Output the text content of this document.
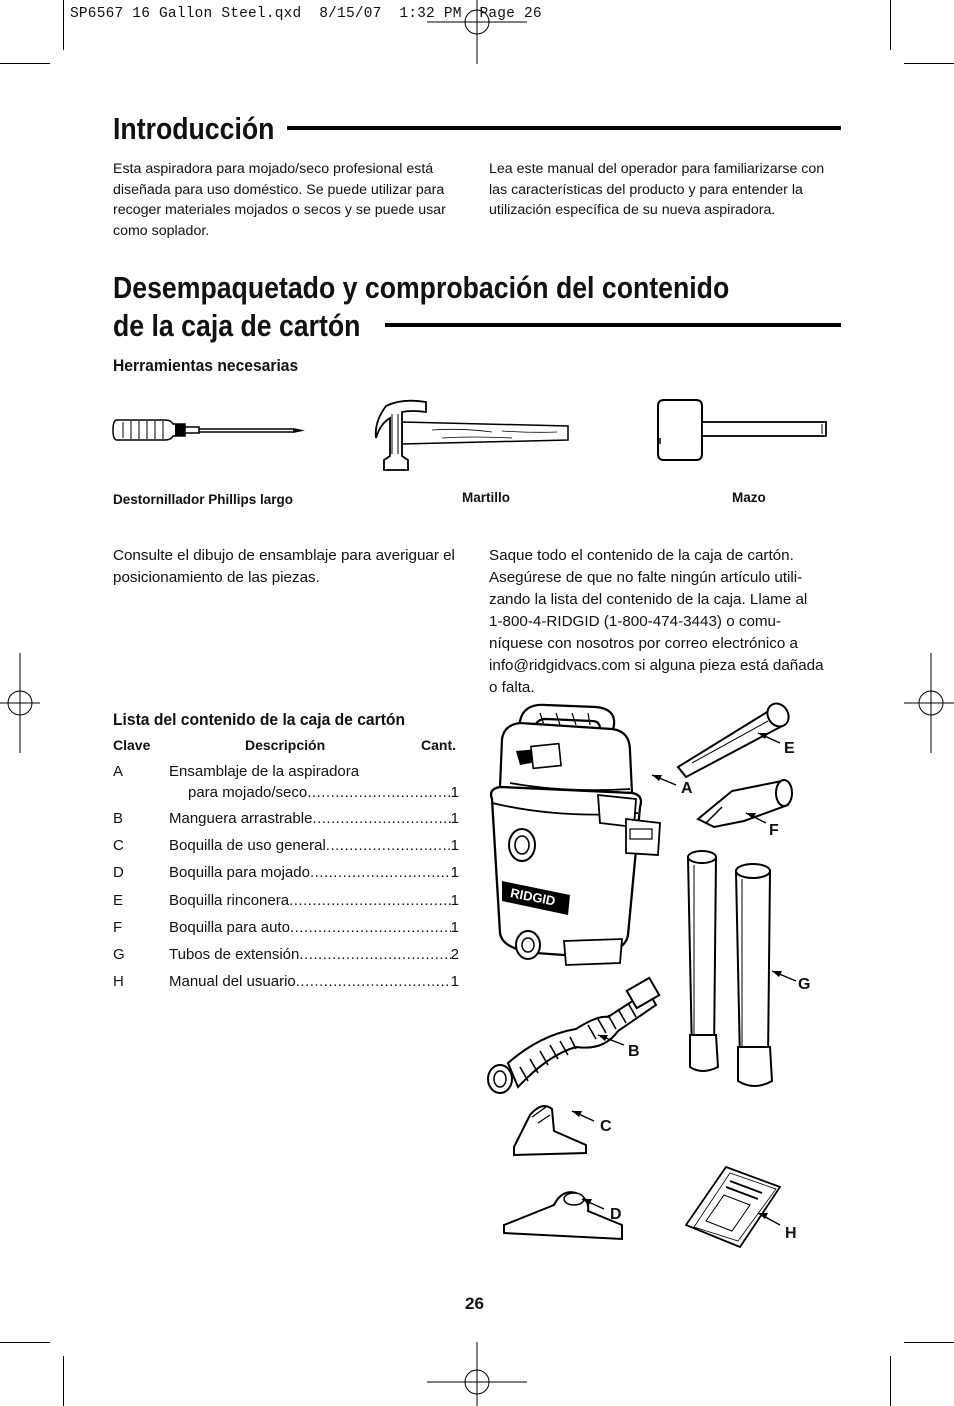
SP6567 16 Gallon Steel.qxd  8/15/07  1:32 PM  Page 26
Introducción
Esta aspiradora para mojado/seco profesional está diseñada para uso doméstico. Se puede utilizar para recoger materiales mojados o secos y se puede usar como soplador.
Lea este manual del operador para familiarizarse con las características del producto y para entender la utilización específica de su nueva aspiradora.
Desempaquetado y comprobación del contenido
de la caja de cartón
Herramientas necesarias
Destornillador Phillips largo	Martillo	Mazo
Consulte el dibujo de ensamblaje para averiguar el posicionamiento de las piezas.
Saque todo el contenido de la caja de cartón.
Asegúrese de que no falte ningún artículo utili-
zando la lista del contenido de la caja. Llame al
1-800-4-RIDGID (1-800-474-3443) o comu-
níquese con nosotros por correo electrónico a
info@ridgidvacs.com si alguna pieza está dañada
o falta.
Lista del contenido de la caja de cartón
Clave	Descripción	Cant.
A	Ensamblaje de la aspiradora
para mojado/seco .....	1
B	Manguera arrastrable .....	1
C	Boquilla de uso general .....	1
D	Boquilla para mojado .....	1
E	Boquilla rinconera .....	1
F	Boquilla para auto .....	1
G	Tubos de extensión .....	2
H	Manual del usuario .....	1
RIDGID
A
B
C
D
E
F
G
H
26
